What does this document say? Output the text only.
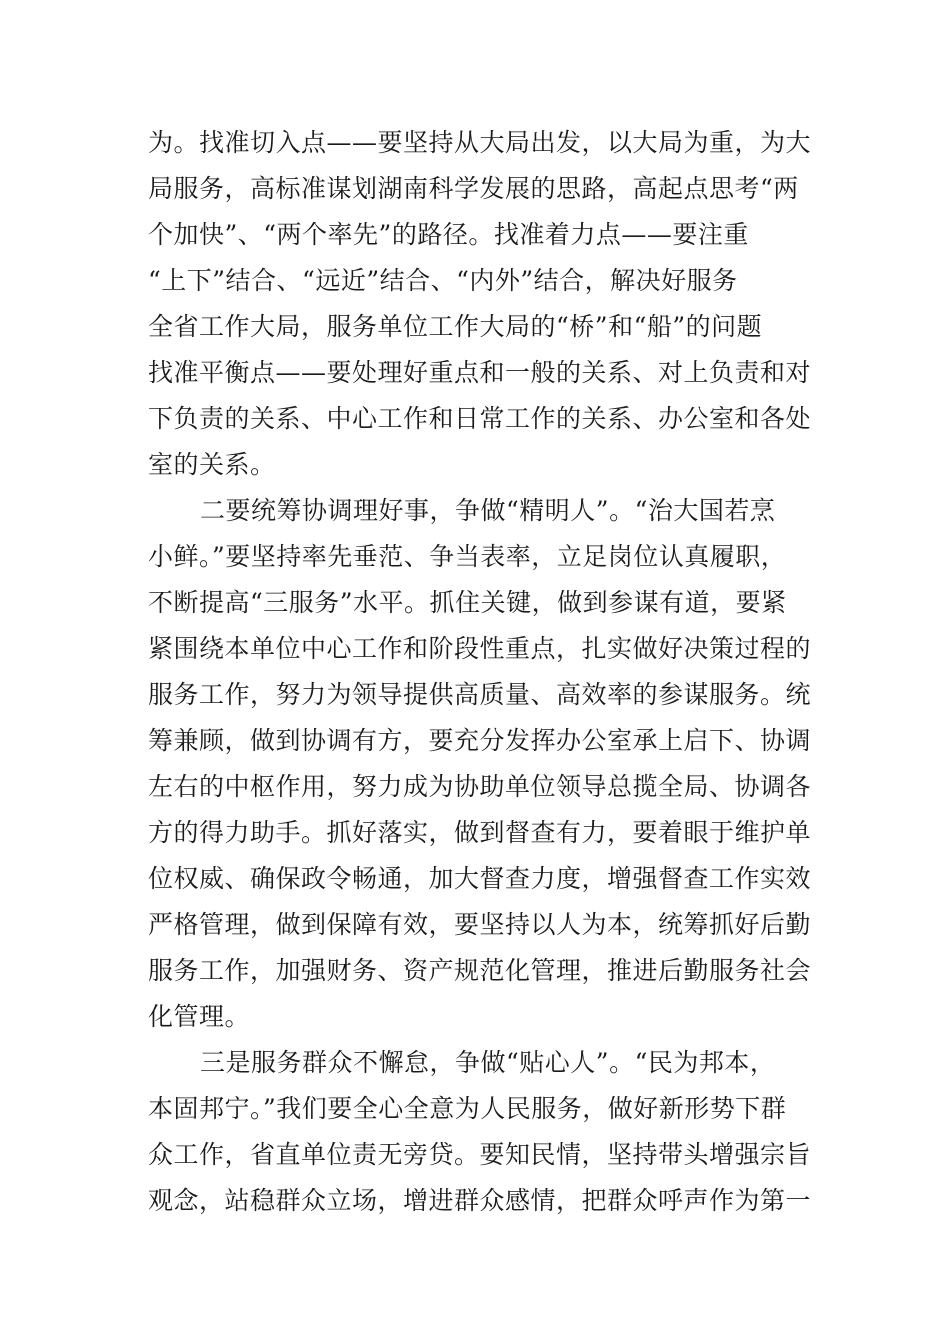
为。找准切入点——要坚持从大局出发，以大局为重，为大
局服务，高标准谋划湖南科学发展的思路，高起点思考“两
个加快”、“两个率先”的路径。找准着力点——要注重
“上下”结合、“远近”结合、“内外”结合，解决好服务
全省工作大局，服务单位工作大局的“桥”和“船”的问题
找准平衡点——要处理好重点和一般的关系、对上负责和对
下负责的关系、中心工作和日常工作的关系、办公室和各处
室的关系。
二要统筹协调理好事，争做“精明人”。“治大国若烹
小鲜。”要坚持率先垂范、争当表率，立足岗位认真履职，
不断提高“三服务”水平。抓住关键，做到参谋有道，要紧
紧围绕本单位中心工作和阶段性重点，扎实做好决策过程的
服务工作，努力为领导提供高质量、高效率的参谋服务。统
筹兼顾，做到协调有方，要充分发挥办公室承上启下、协调
左右的中枢作用，努力成为协助单位领导总揽全局、协调各
方的得力助手。抓好落实，做到督查有力，要着眼于维护单
位权威、确保政令畅通，加大督查力度，增强督查工作实效
严格管理，做到保障有效，要坚持以人为本，统筹抓好后勤
服务工作，加强财务、资产规范化管理，推进后勤服务社会
化管理。
三是服务群众不懈怠，争做“贴心人”。“民为邦本，
本固邦宁。”我们要全心全意为人民服务，做好新形势下群
众工作，省直单位责无旁贷。要知民情，坚持带头增强宗旨
观念，站稳群众立场，增进群众感情，把群众呼声作为第一
